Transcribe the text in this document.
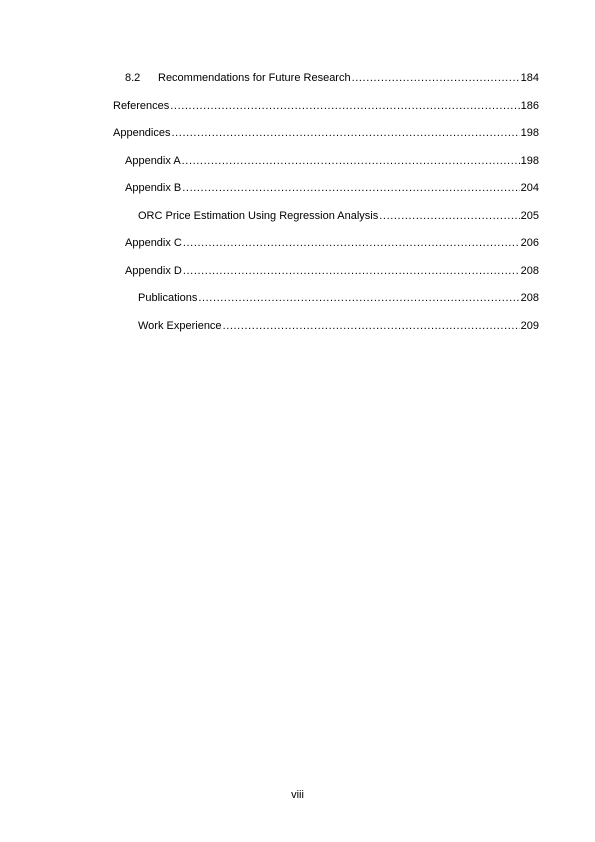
8.2	Recommendations for Future Research .....	184
References .....	186
Appendices .....	198
Appendix A .....	198
Appendix B .....	204
ORC Price Estimation Using Regression Analysis .....	205
Appendix C .....	206
Appendix D .....	208
Publications .....	208
Work Experience .....	209
viii
